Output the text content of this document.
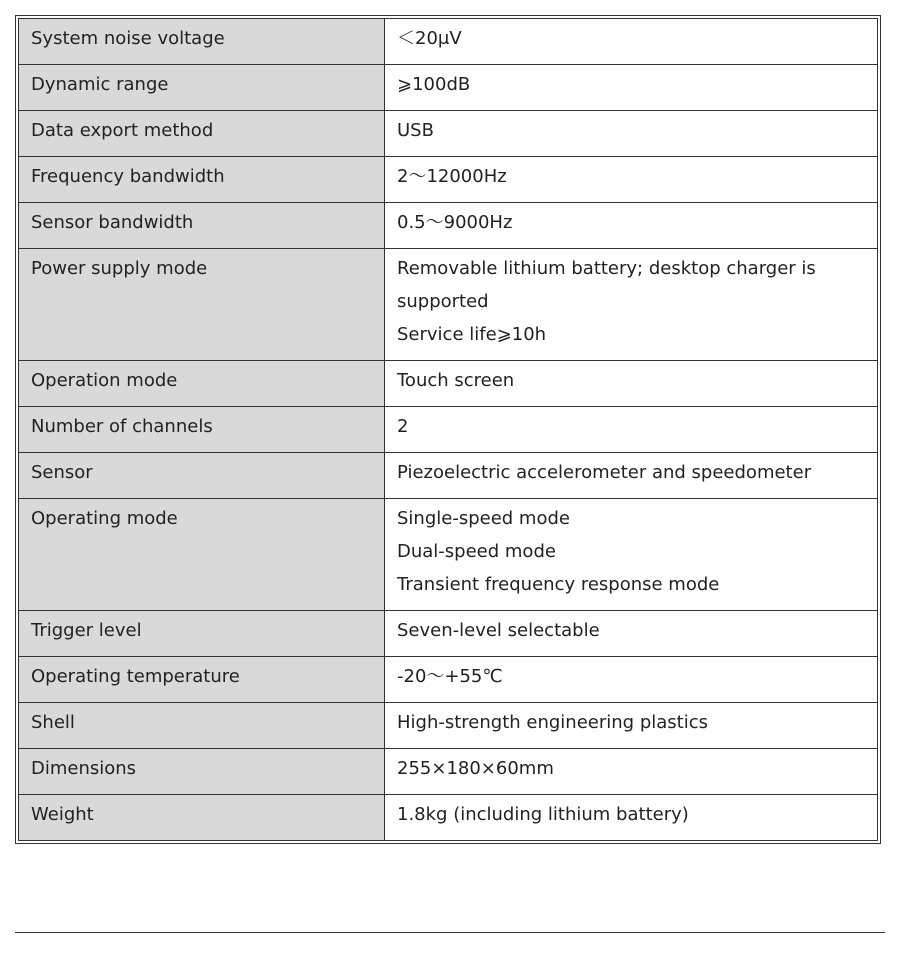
System noise voltage	＜20μV

Dynamic range	⩾100dB

Data export method	USB

Frequency bandwidth	2～12000Hz

Sensor bandwidth	0.5～9000Hz

Power supply mode	Removable lithium battery; desktop charger is supported
Service life⩾10h

Operation mode	Touch screen

Number of channels	2

Sensor	Piezoelectric accelerometer and speedometer

Operating mode	Single-speed mode
Dual-speed mode
Transient frequency response mode

Trigger level	Seven-level selectable

Operating temperature	-20～+55℃

Shell	High-strength engineering plastics

Dimensions	255×180×60mm

Weight	1.8kg (including lithium battery)
